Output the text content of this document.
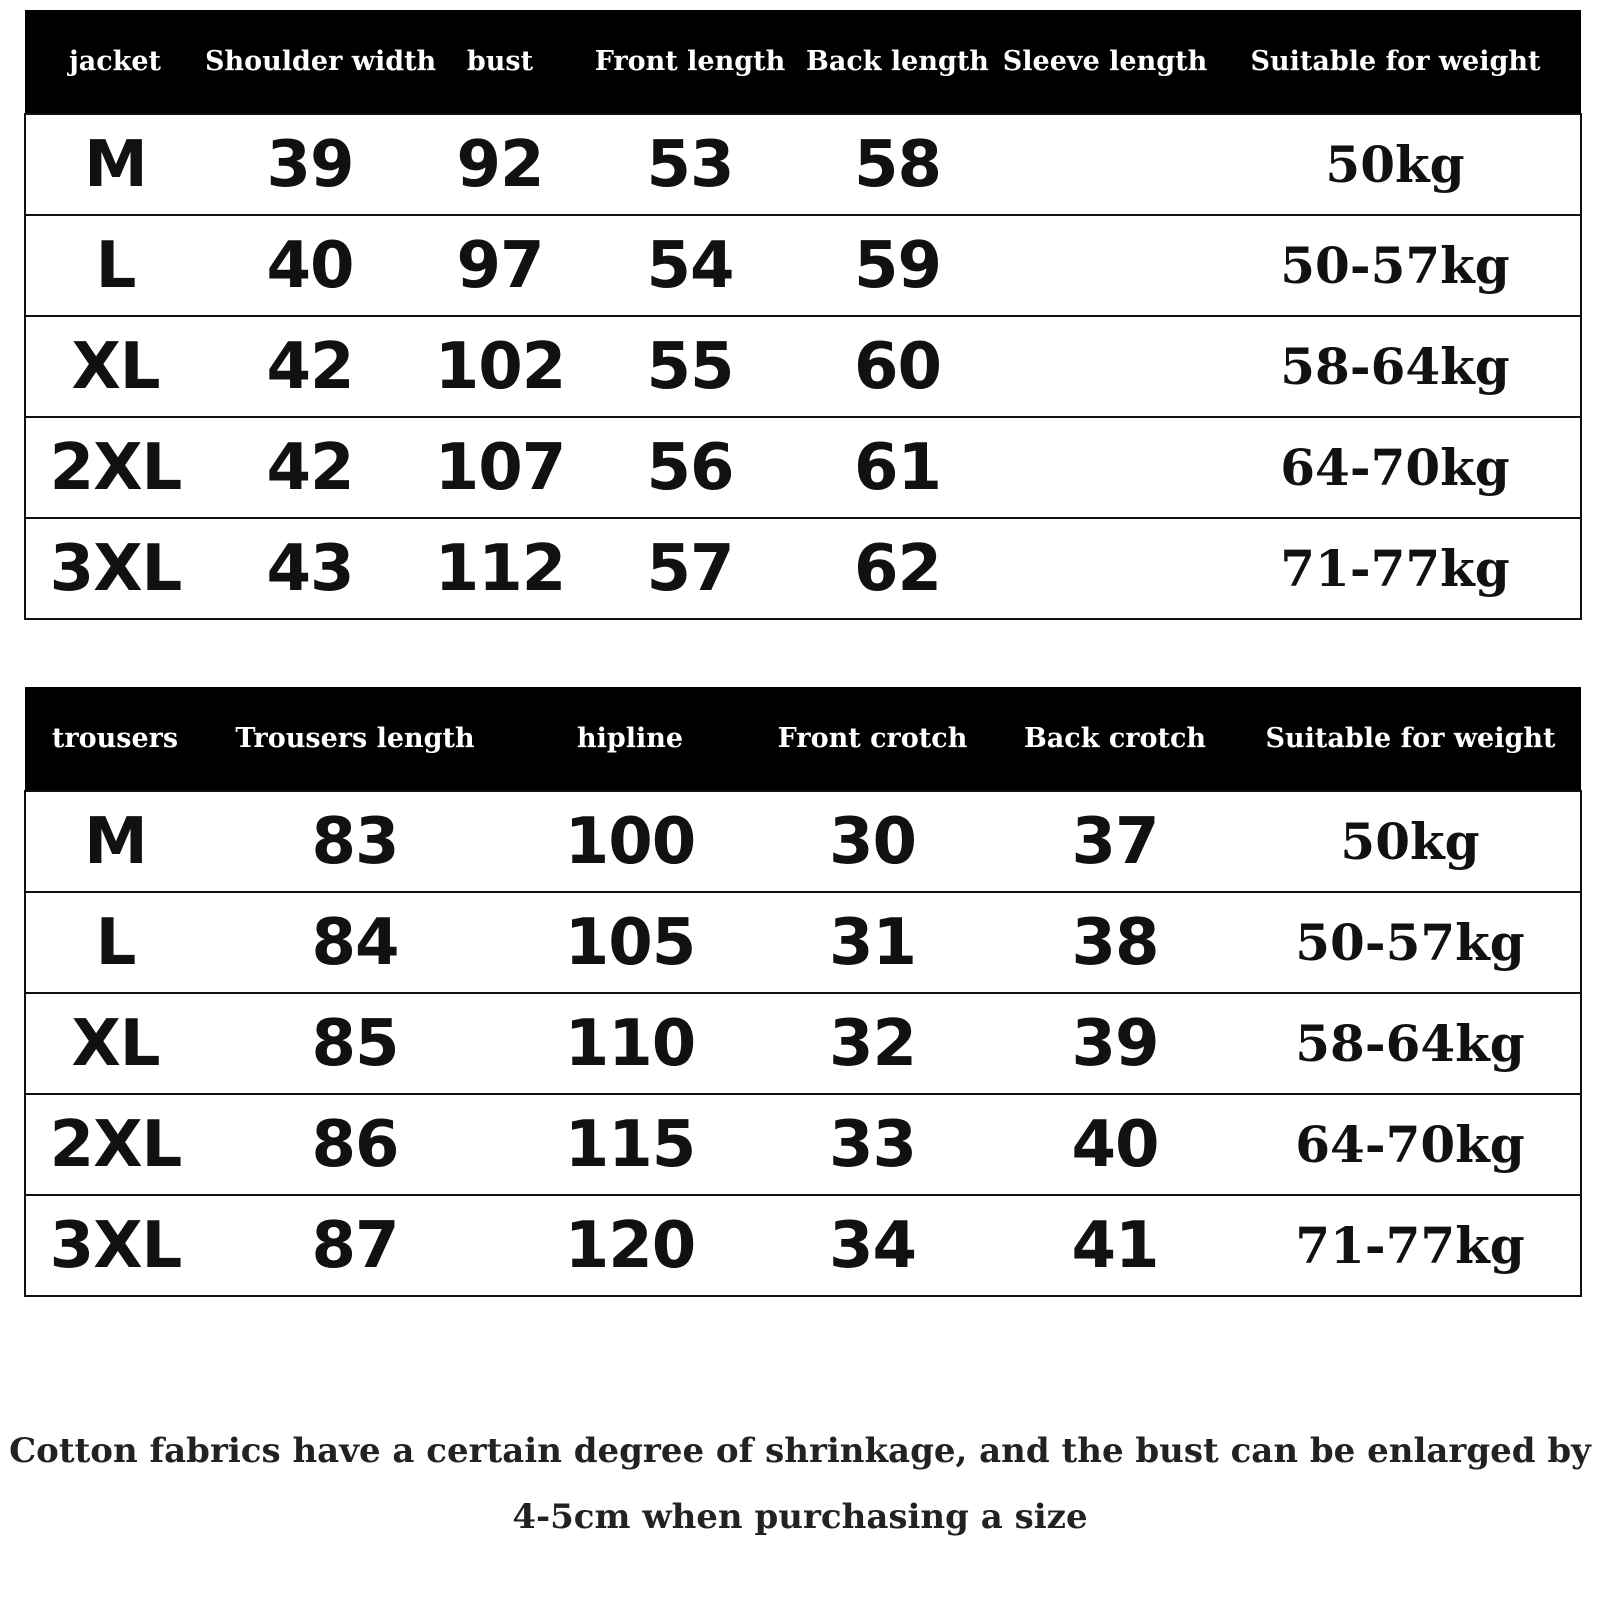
jacket	Shoulder width	bust	Front length	Back length	Sleeve length	Suitable for weight
M	39	92	53	58		50kg
L	40	97	54	59		50-57kg
XL	42	102	55	60		58-64kg
2XL	42	107	56	61		64-70kg
3XL	43	112	57	62		71-77kg
trousers	Trousers length	hipline	Front crotch	Back crotch	Suitable for weight
M	83	100	30	37	50kg
L	84	105	31	38	50-57kg
XL	85	110	32	39	58-64kg
2XL	86	115	33	40	64-70kg
3XL	87	120	34	41	71-77kg

Cotton fabrics have a certain degree of shrinkage, and the bust can be enlarged by
4-5cm when purchasing a size
